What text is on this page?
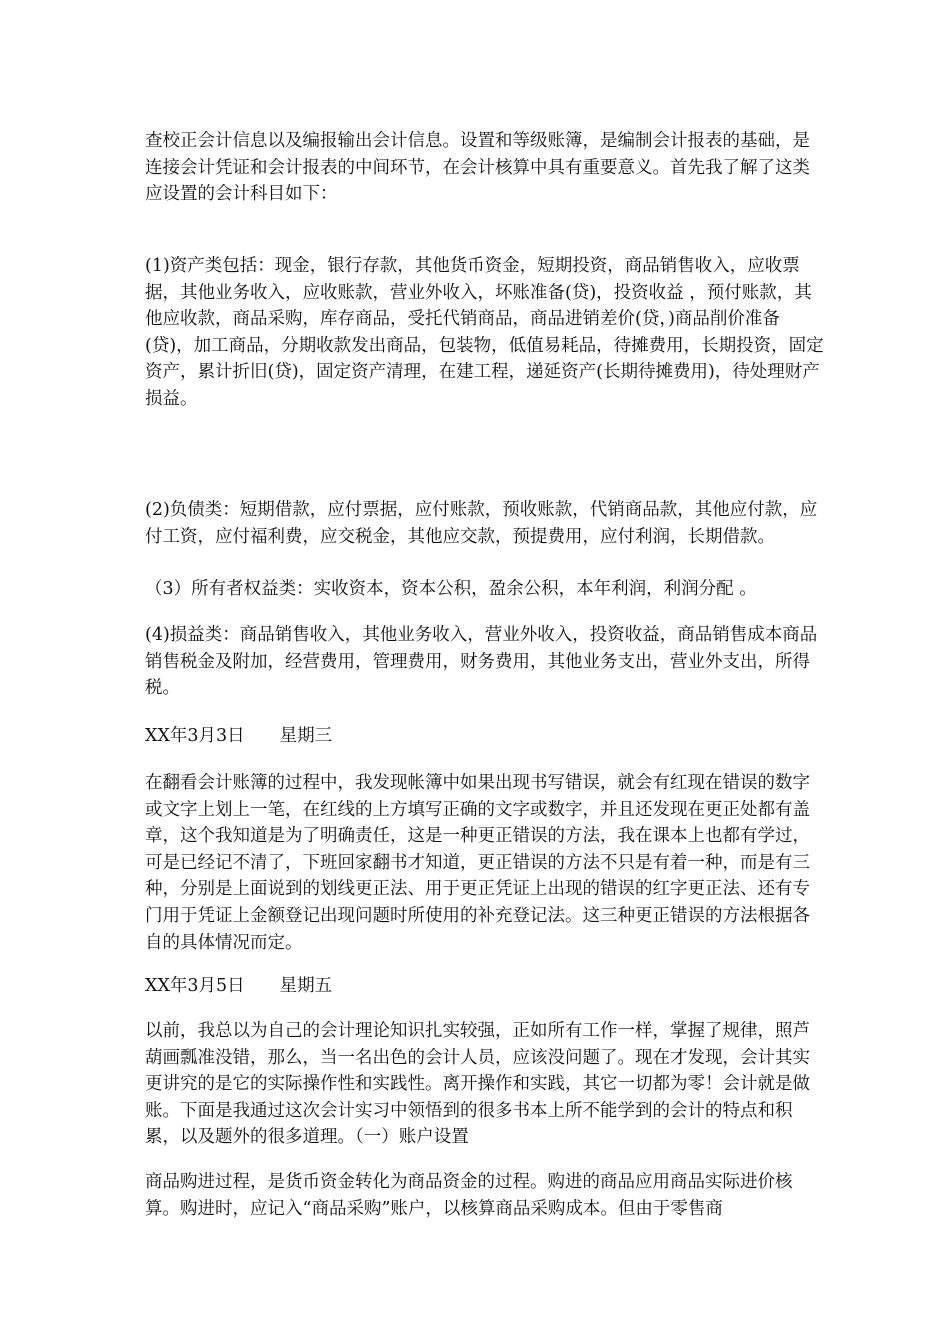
查校正会计信息以及编报输出会计信息。设置和等级账簿，是编制会计报表的基础，是连接会计凭证和会计报表的中间环节，在会计核算中具有重要意义。首先我了解了这类应设置的会计科目如下：

(1)资产类包括：现金，银行存款，其他货币资金，短期投资，商品销售收入，应收票据，其他业务收入，应收账款，营业外收入，坏账准备(贷)，投资收益 ，预付账款，其他应收款，商品采购，库存商品，受托代销商品，商品进销差价(贷，)商品削价准备(贷)，加工商品，分期收款发出商品，包装物，低值易耗品，待摊费用，长期投资，固定资产，累计折旧(贷)，固定资产清理，在建工程，递延资产(长期待摊费用)，待处理财产损益。

(2)负债类：短期借款，应付票据，应付账款，预收账款，代销商品款，其他应付款，应付工资，应付福利费，应交税金，其他应交款，预提费用，应付利润，长期借款。

（3）所有者权益类：实收资本，资本公积，盈余公积，本年利润，利润分配 。

(4)损益类：商品销售收入，其他业务收入，营业外收入，投资收益，商品销售成本商品销售税金及附加，经营费用，管理费用，财务费用，其他业务支出，营业外支出，所得税。

XX年3月3日　　星期三

在翻看会计账簿的过程中，我发现帐簿中如果出现书写错误，就会有红现在错误的数字或文字上划上一笔，在红线的上方填写正确的文字或数字，并且还发现在更正处都有盖章，这个我知道是为了明确责任，这是一种更正错误的方法，我在课本上也都有学过，可是已经记不清了，下班回家翻书才知道，更正错误的方法不只是有着一种，而是有三种，分别是上面说到的划线更正法、用于更正凭证上出现的错误的红字更正法、还有专门用于凭证上金额登记出现问题时所使用的补充登记法。这三种更正错误的方法根据各自的具体情况而定。

XX年3月5日　　星期五

以前，我总以为自己的会计理论知识扎实较强，正如所有工作一样，掌握了规律，照芦葫画瓢准没错，那么，当一名出色的会计人员，应该没问题了。现在才发现，会计其实更讲究的是它的实际操作性和实践性。离开操作和实践，其它一切都为零！会计就是做账。下面是我通过这次会计实习中领悟到的很多书本上所不能学到的会计的特点和积累，以及题外的很多道理。（一）账户设置

商品购进过程，是货币资金转化为商品资金的过程。购进的商品应用商品实际进价核算。购进时，应记入“商品采购”账户，以核算商品采购成本。但由于零售商
